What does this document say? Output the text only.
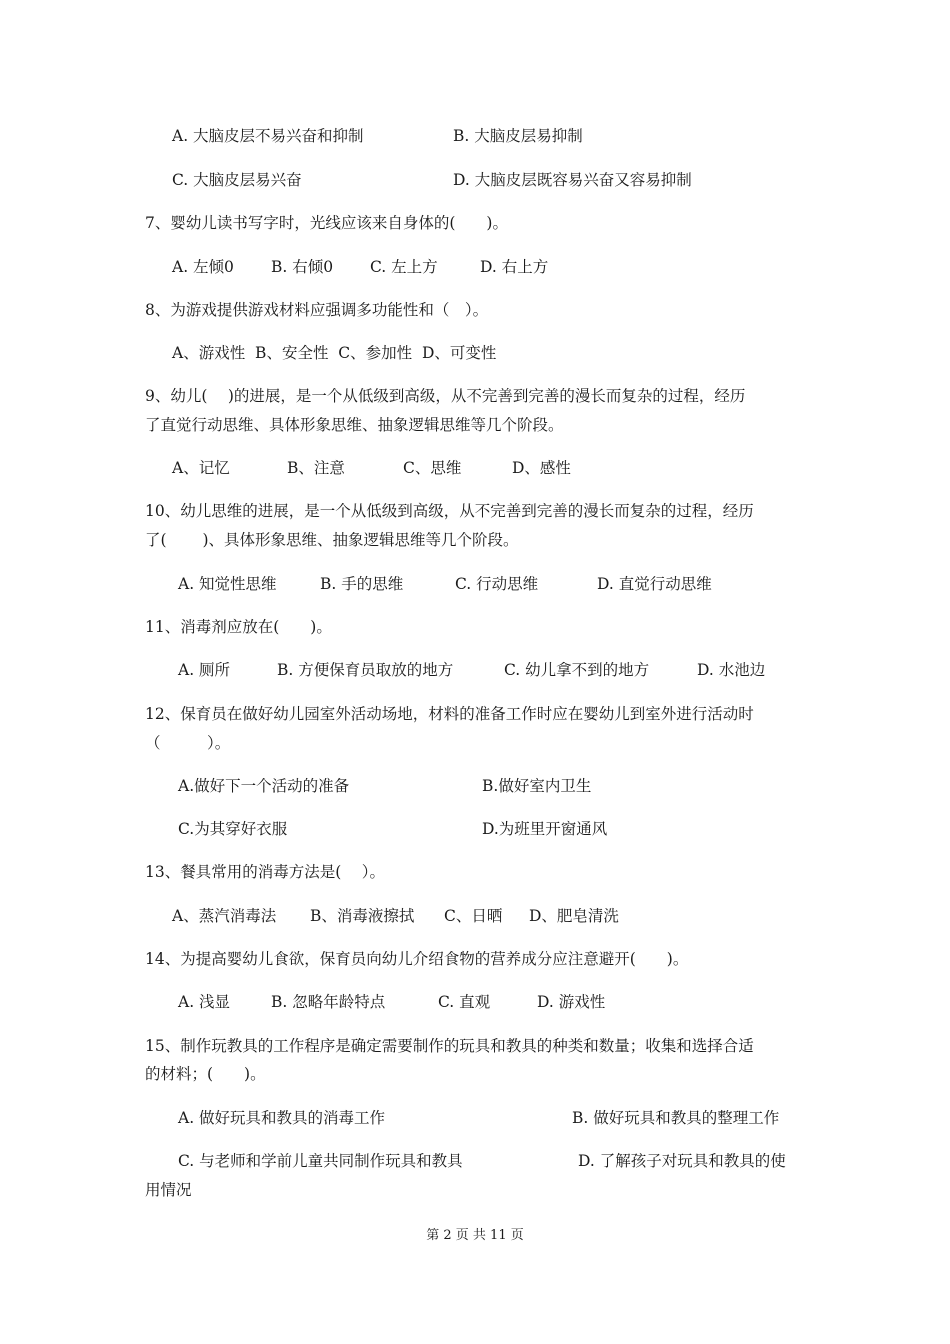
A. 大脑皮层不易兴奋和抑制	B. 大脑皮层易抑制
C. 大脑皮层易兴奋	D. 大脑皮层既容易兴奋又容易抑制
7、婴幼儿读书写字时，光线应该来自身体的(　　)。
A. 左倾0 B. 右倾0 C. 左上方	D. 右上方
8、为游戏提供游戏材料应强调多功能性和（　）。
A、游戏性  B、安全性  C、参加性  D、可变性
9、幼儿(　 )的进展，是一个从低级到高级，从不完善到完善的漫长而复杂的过程，经历
了直觉行动思维、具体形象思维、抽象逻辑思维等几个阶段。
A、记忆	B、注意	C、思维	D、感性
10、幼儿思维的进展，是一个从低级到高级，从不完善到完善的漫长而复杂的过程，经历
了(　　 )、具体形象思维、抽象逻辑思维等几个阶段。
A. 知觉性思维	B. 手的思维	C. 行动思维	D. 直觉行动思维
11、消毒剂应放在(　　)。
A. 厕所	B. 方便保育员取放的地方	C. 幼儿拿不到的地方	D. 水池边
12、保育员在做好幼儿园室外活动场地，材料的准备工作时应在婴幼儿到室外进行活动时
（　　　）。
A.做好下一个活动的准备	B.做好室内卫生
C.为其穿好衣服	D.为班里开窗通风
13、餐具常用的消毒方法是(　 ）。
A、蒸汽消毒法 B、消毒液擦拭 C、日晒 D、肥皂清洗
14、为提高婴幼儿食欲，保育员向幼儿介绍食物的营养成分应注意避开(　　)。
A. 浅显	B. 忽略年龄特点	C. 直观	D. 游戏性
15、制作玩教具的工作程序是确定需要制作的玩具和教具的种类和数量；收集和选择合适
的材料；(　　)。
A. 做好玩具和教具的消毒工作	B. 做好玩具和教具的整理工作
C. 与老师和学前儿童共同制作玩具和教具	D. 了解孩子对玩具和教具的使
用情况
第 2 页 共 11 页
